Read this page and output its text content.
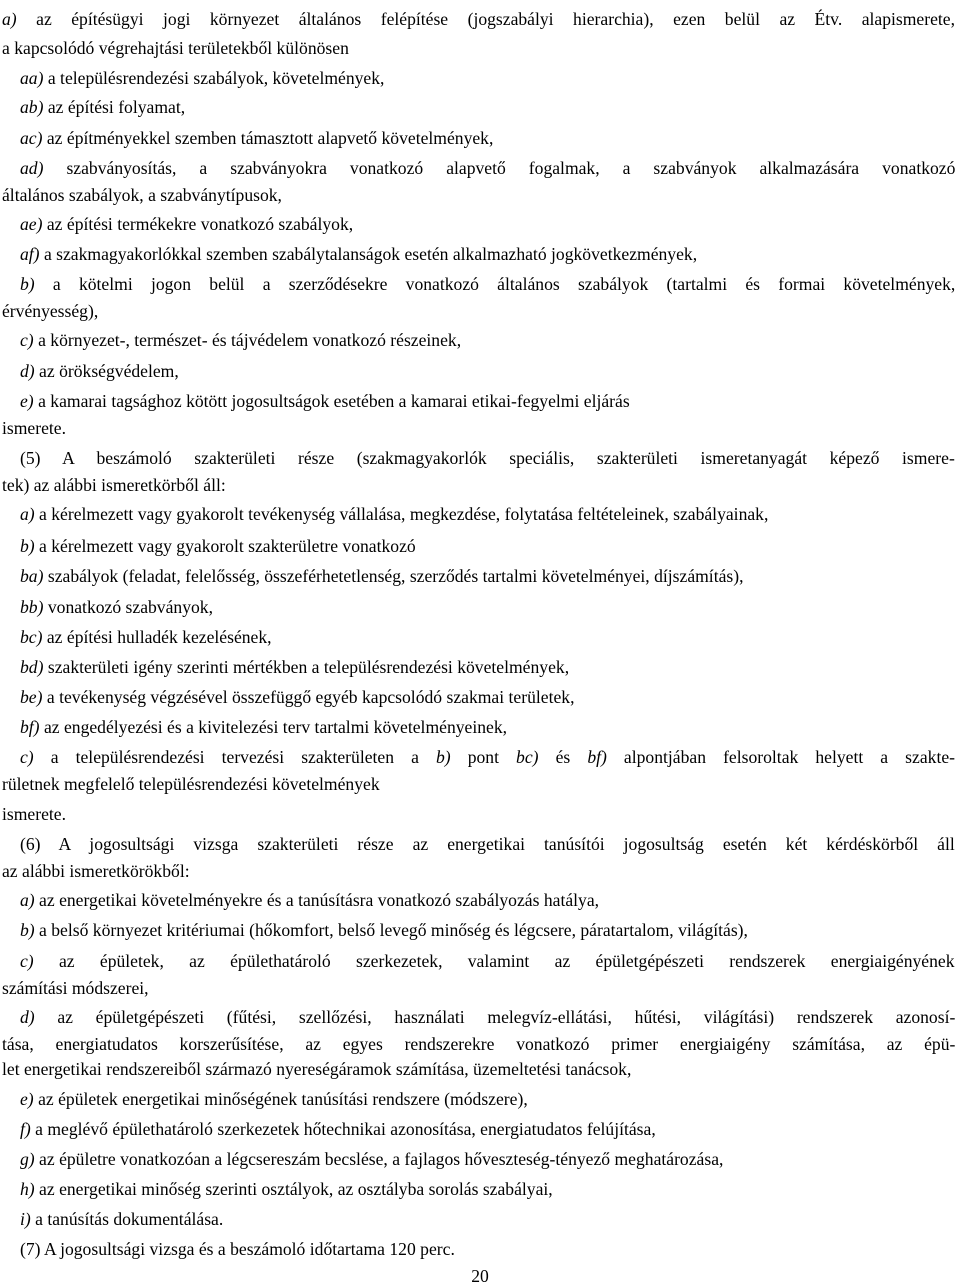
a) az építésügyi jogi környezet általános felépítése (jogszabályi hierarchia), ezen belül az Étv. alapismerete,
a kapcsolódó végrehajtási területekből különösen
aa) a településrendezési szabályok, követelmények,
ab) az építési folyamat,
ac) az építményekkel szemben támasztott alapvető követelmények,
ad) szabványosítás, a szabványokra vonatkozó alapvető fogalmak, a szabványok alkalmazására vonatkozó
általános szabályok, a szabványtípusok,
ae) az építési termékekre vonatkozó szabályok,
af) a szakmagyakorlókkal szemben szabálytalanságok esetén alkalmazható jogkövetkezmények,
b) a kötelmi jogon belül a szerződésekre vonatkozó általános szabályok (tartalmi és formai követelmények,
érvényesség),
c) a környezet-, természet- és tájvédelem vonatkozó részeinek,
d) az örökségvédelem,
e) a kamarai tagsághoz kötött jogosultságok esetében a kamarai etikai-fegyelmi eljárás
ismerete.
(5) A beszámoló szakterületi része (szakmagyakorlók speciális, szakterületi ismeretanyagát képező ismere-
tek) az alábbi ismeretkörből áll:
a) a kérelmezett vagy gyakorolt tevékenység vállalása, megkezdése, folytatása feltételeinek, szabályainak,
b) a kérelmezett vagy gyakorolt szakterületre vonatkozó
ba) szabályok (feladat, felelősség, összeférhetetlenség, szerződés tartalmi követelményei, díjszámítás),
bb) vonatkozó szabványok,
bc) az építési hulladék kezelésének,
bd) szakterületi igény szerinti mértékben a településrendezési követelmények,
be) a tevékenység végzésével összefüggő egyéb kapcsolódó szakmai területek,
bf) az engedélyezési és a kivitelezési terv tartalmi követelményeinek,
c) a településrendezési tervezési szakterületen a b) pont bc) és bf) alpontjában felsoroltak helyett a szakte-
rületnek megfelelő településrendezési követelmények
ismerete.
(6) A jogosultsági vizsga szakterületi része az energetikai tanúsítói jogosultság esetén két kérdéskörből áll
az alábbi ismeretkörökből:
a) az energetikai követelményekre és a tanúsításra vonatkozó szabályozás hatálya,
b) a belső környezet kritériumai (hőkomfort, belső levegő minőség és légcsere, páratartalom, világítás),
c) az épületek, az épülethatároló szerkezetek, valamint az épületgépészeti rendszerek energiaigényének
számítási módszerei,
d) az épületgépészeti (fűtési, szellőzési, használati melegvíz-ellátási, hűtési, világítási) rendszerek azonosí-
tása, energiatudatos korszerűsítése, az egyes rendszerekre vonatkozó primer energiaigény számítása, az épü-
let energetikai rendszereiből származó nyereségáramok számítása, üzemeltetési tanácsok,
e) az épületek energetikai minőségének tanúsítási rendszere (módszere),
f) a meglévő épülethatároló szerkezetek hőtechnikai azonosítása, energiatudatos felújítása,
g) az épületre vonatkozóan a légcsereszám becslése, a fajlagos hőveszteség-tényező meghatározása,
h) az energetikai minőség szerinti osztályok, az osztályba sorolás szabályai,
i) a tanúsítás dokumentálása.
(7) A jogosultsági vizsga és a beszámoló időtartama 120 perc.
20
